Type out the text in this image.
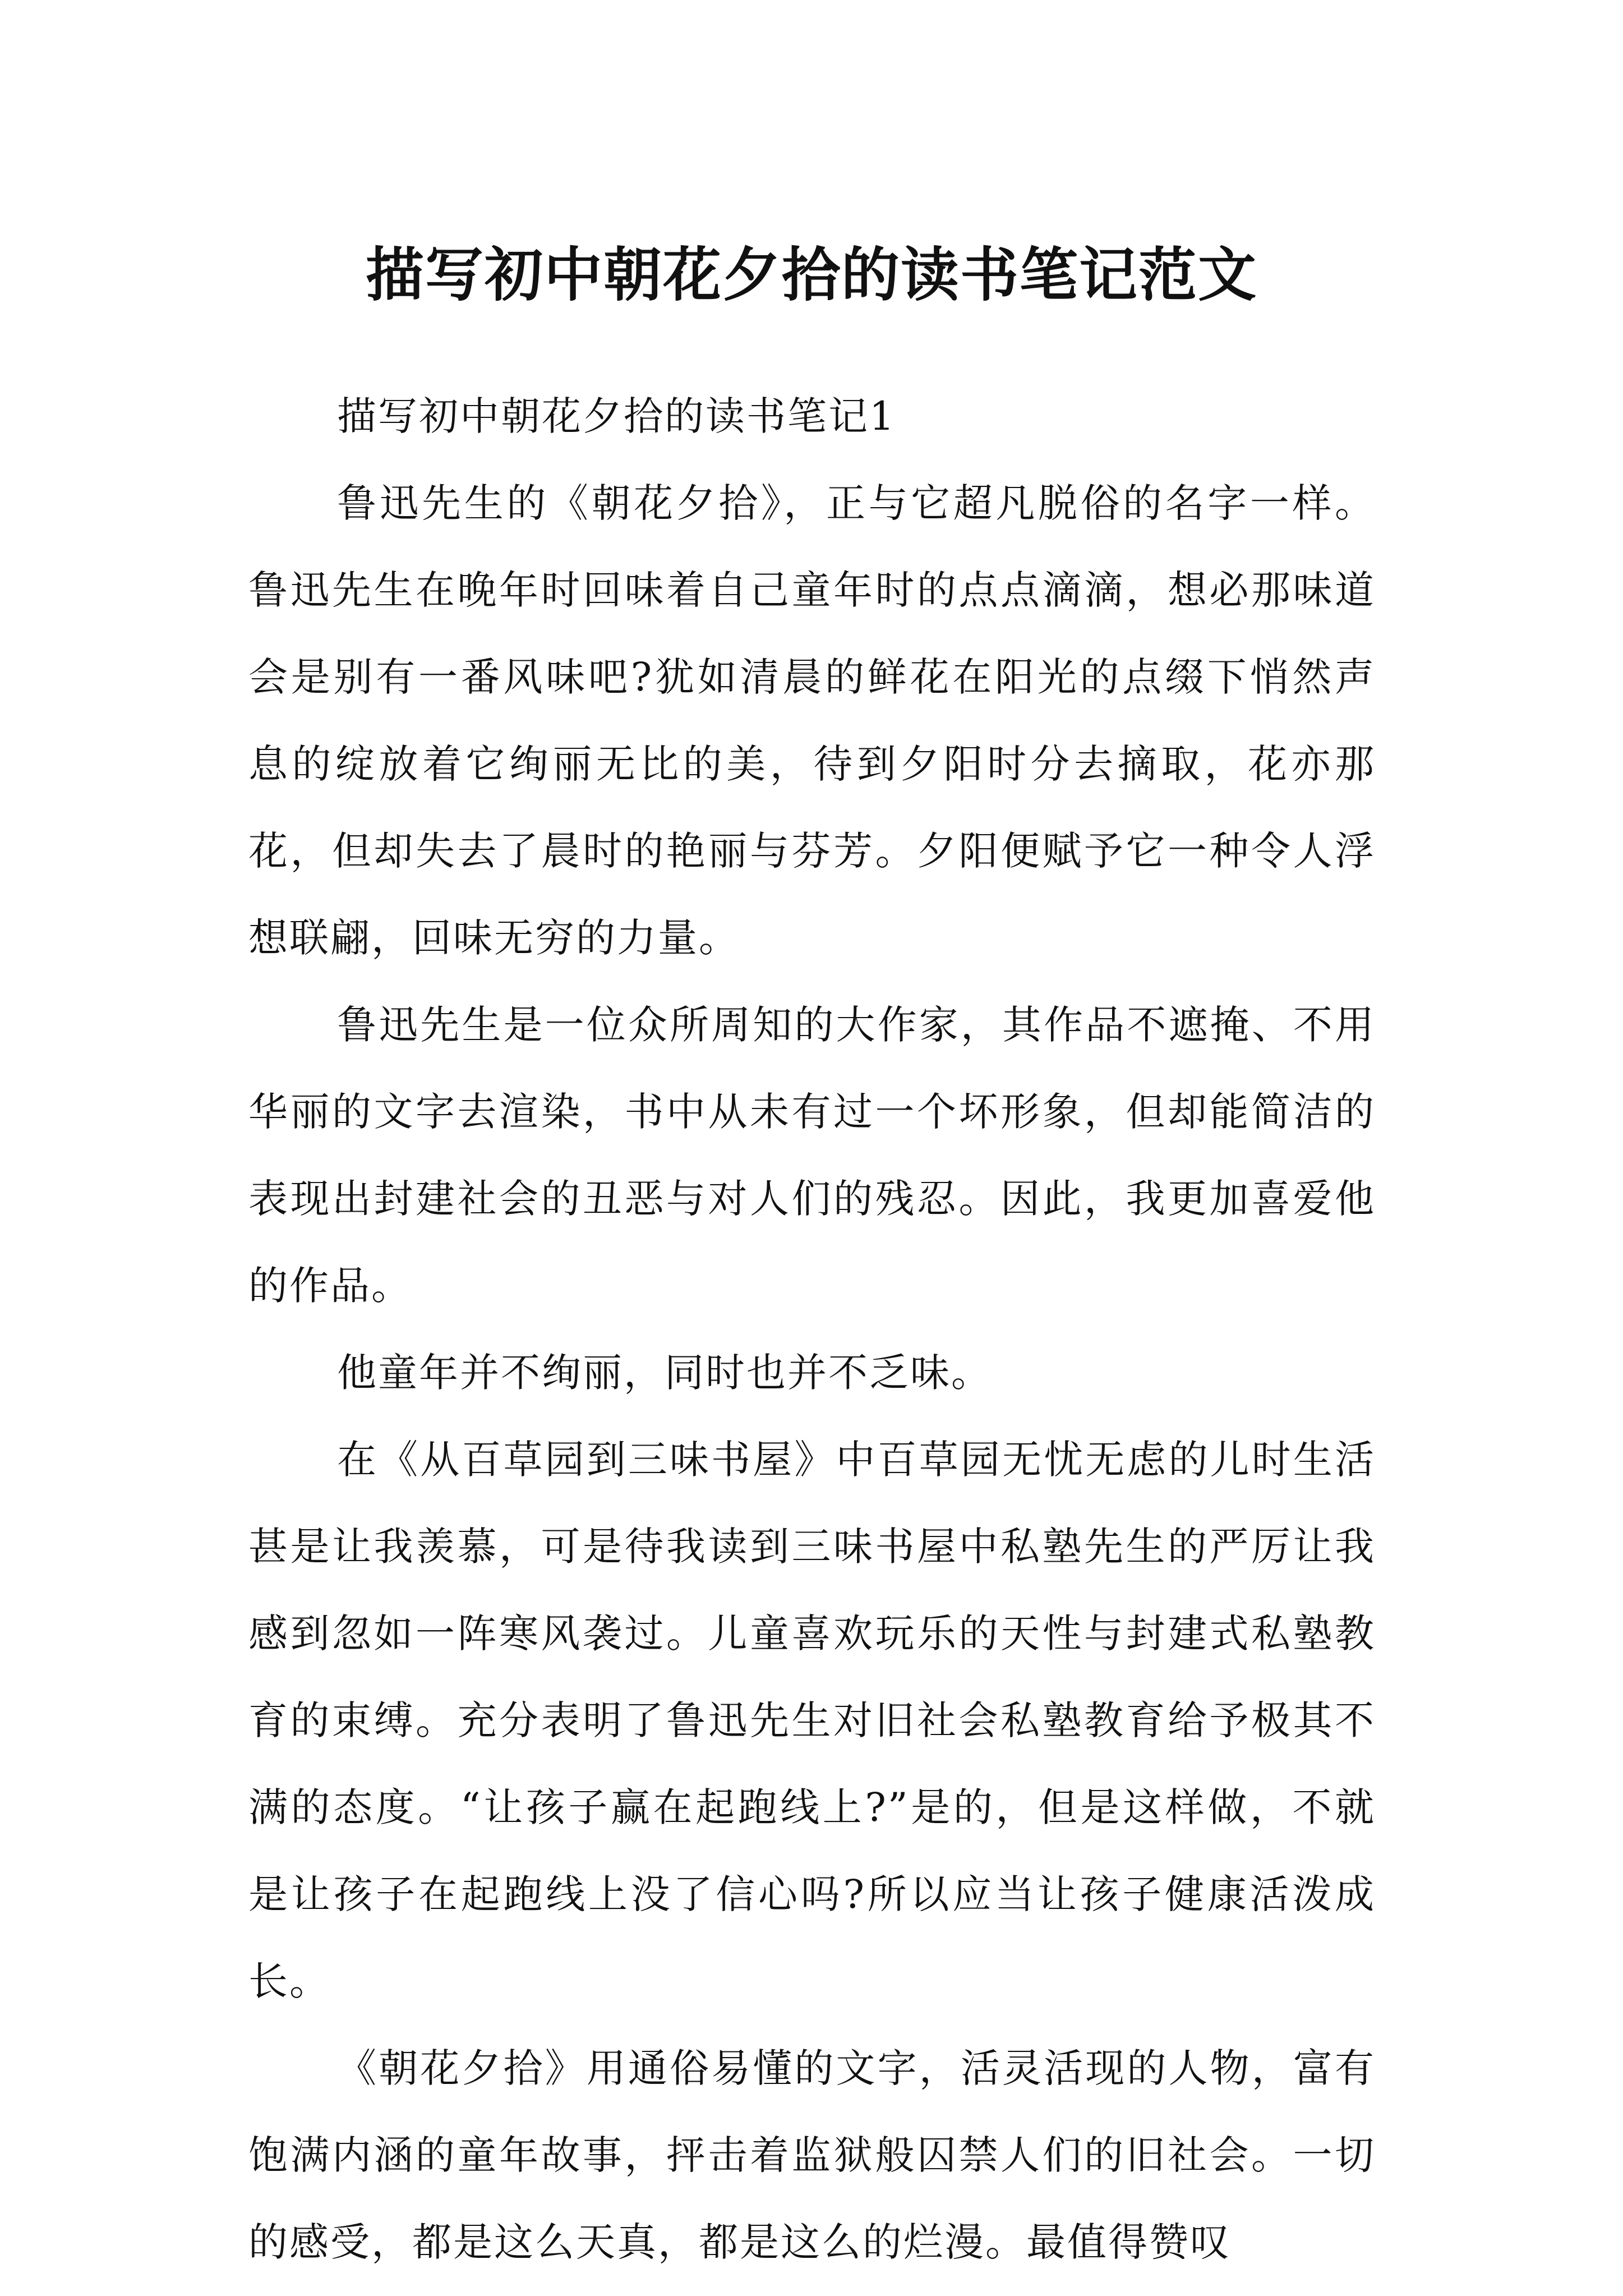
描写初中朝花夕拾的读书笔记范文

描写初中朝花夕拾的读书笔记1

鲁迅先生的《朝花夕拾》，正与它超凡脱俗的名字一样。鲁迅先生在晚年时回味着自己童年时的点点滴滴，想必那味道会是别有一番风味吧?犹如清晨的鲜花在阳光的点缀下悄然声息的绽放着它绚丽无比的美，待到夕阳时分去摘取，花亦那花，但却失去了晨时的艳丽与芬芳。夕阳便赋予它一种令人浮想联翩，回味无穷的力量。

鲁迅先生是一位众所周知的大作家，其作品不遮掩、不用华丽的文字去渲染，书中从未有过一个坏形象，但却能简洁的表现出封建社会的丑恶与对人们的残忍。因此，我更加喜爱他的作品。

他童年并不绚丽，同时也并不乏味。

在《从百草园到三味书屋》中百草园无忧无虑的儿时生活甚是让我羡慕，可是待我读到三味书屋中私塾先生的严厉让我感到忽如一阵寒风袭过。儿童喜欢玩乐的天性与封建式私塾教育的束缚。充分表明了鲁迅先生对旧社会私塾教育给予极其不满的态度。“让孩子赢在起跑线上?”是的，但是这样做，不就是让孩子在起跑线上没了信心吗?所以应当让孩子健康活泼成长。

《朝花夕拾》用通俗易懂的文字，活灵活现的人物，富有饱满内涵的童年故事，抨击着监狱般囚禁人们的旧社会。一切的感受，都是这么天真，都是这么的烂漫。最值得赞叹
